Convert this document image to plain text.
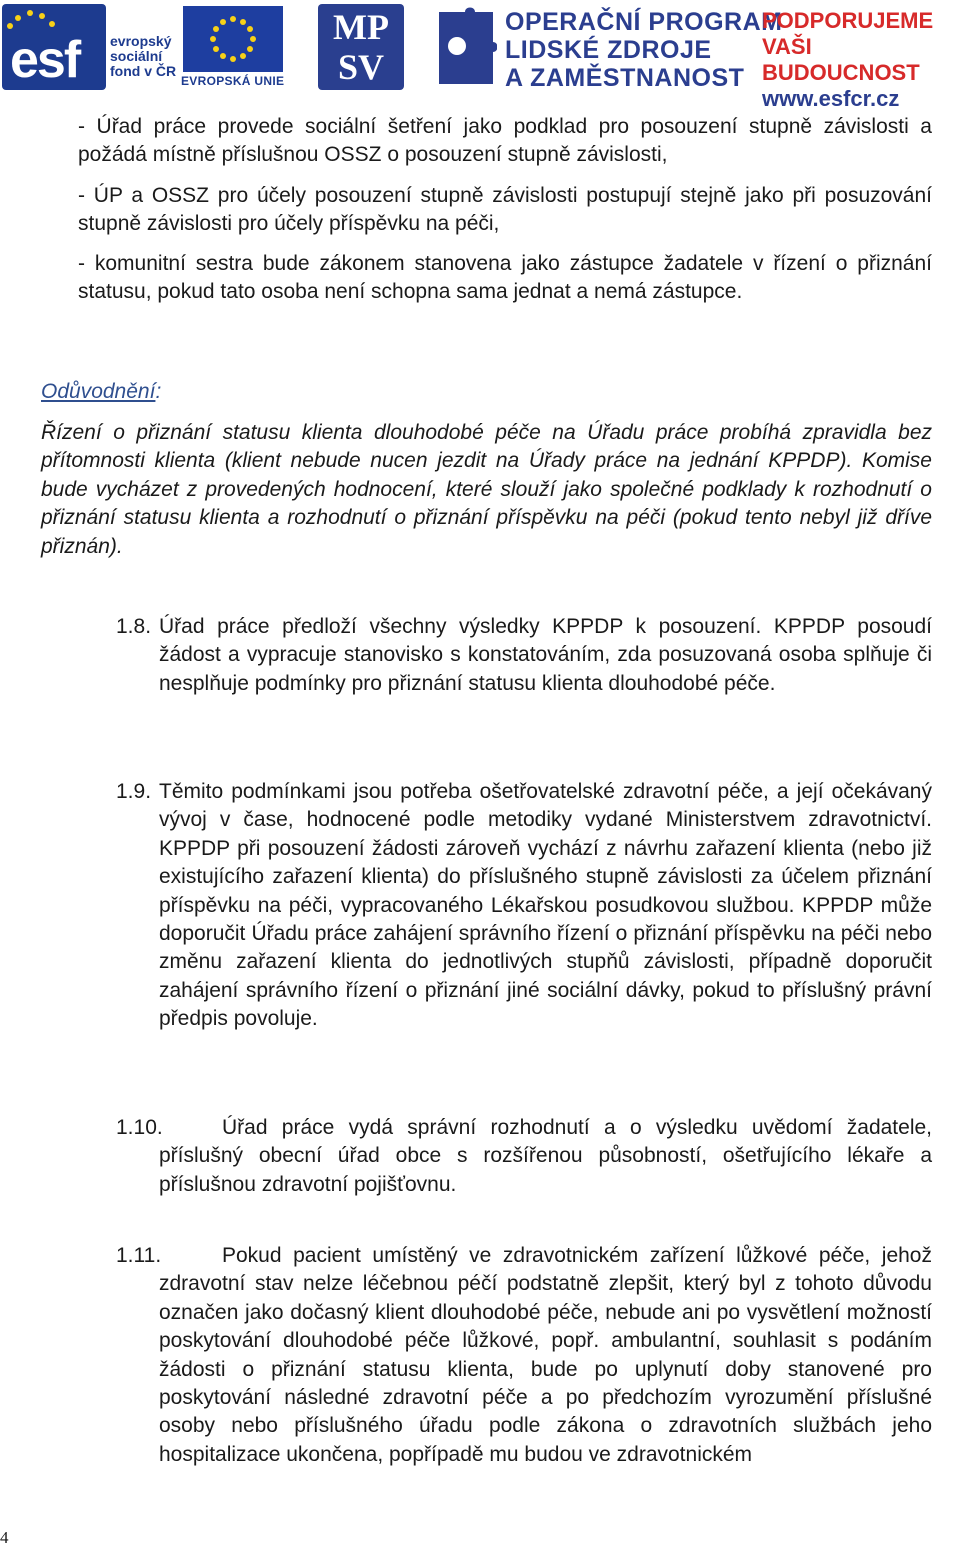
esf evropský
sociální
fond v ČR
EVROPSKÁ UNIE
MP
SV
OPERAČNÍ PROGRAM
LIDSKÉ ZDROJE
A ZAMĚSTNANOST
PODPORUJEME
VAŠI BUDOUCNOST
www.esfcr.cz

- Úřad práce provede sociální šetření jako podklad pro posouzení stupně závislosti a požádá místně příslušnou OSSZ o posouzení stupně závislosti,

- ÚP a OSSZ pro účely posouzení stupně závislosti postupují stejně jako při posuzování stupně závislosti pro účely příspěvku na péči,

- komunitní sestra bude zákonem stanovena jako zástupce žadatele v řízení o přiznání statusu, pokud tato osoba není schopna sama jednat a nemá zástupce.

Odůvodnění:

Řízení o přiznání statusu klienta dlouhodobé péče na Úřadu práce probíhá zpravidla bez přítomnosti klienta (klient nebude nucen jezdit na Úřady práce na jednání KPPDP). Komise bude vycházet z provedených hodnocení, které slouží jako společné podklady k rozhodnutí o přiznání statusu klienta a rozhodnutí o přiznání příspěvku na péči (pokud tento nebyl již dříve přiznán).

1.8. Úřad práce předloží všechny výsledky KPPDP k posouzení. KPPDP posoudí žádost a vypracuje stanovisko s konstatováním, zda posuzovaná osoba splňuje či nesplňuje podmínky pro přiznání statusu klienta dlouhodobé péče.

1.9. Těmito podmínkami jsou potřeba ošetřovatelské zdravotní péče, a její očekávaný vývoj v čase, hodnocené podle metodiky vydané Ministerstvem zdravotnictví. KPPDP při posouzení žádosti zároveň vychází z návrhu zařazení klienta (nebo již existujícího zařazení klienta) do příslušného stupně závislosti za účelem přiznání příspěvku na péči, vypracovaného Lékařskou posudkovou službou. KPPDP může doporučit Úřadu práce zahájení správního řízení o přiznání příspěvku na péči nebo změnu zařazení klienta do jednotlivých stupňů závislosti, případně doporučit zahájení správního řízení o přiznání jiné sociální dávky, pokud to příslušný právní předpis povoluje.

1.10.	Úřad práce vydá správní rozhodnutí a o výsledku uvědomí žadatele, příslušný obecní úřad obce s rozšířenou působností, ošetřujícího lékaře a příslušnou zdravotní pojišťovnu.

1.11.	Pokud pacient umístěný ve zdravotnickém zařízení lůžkové péče, jehož zdravotní stav nelze léčebnou péčí podstatně zlepšit, který byl z tohoto důvodu označen jako dočasný klient dlouhodobé péče, nebude ani po vysvětlení možností poskytování dlouhodobé péče lůžkové, popř. ambulantní, souhlasit s podáním žádosti o přiznání statusu klienta, bude po uplynutí doby stanovené pro poskytování následné zdravotní péče a po předchozím vyrozumění příslušné osoby nebo příslušného úřadu podle zákona o zdravotních službách jeho hospitalizace ukončena, popřípadě mu budou ve zdravotnickém

4
